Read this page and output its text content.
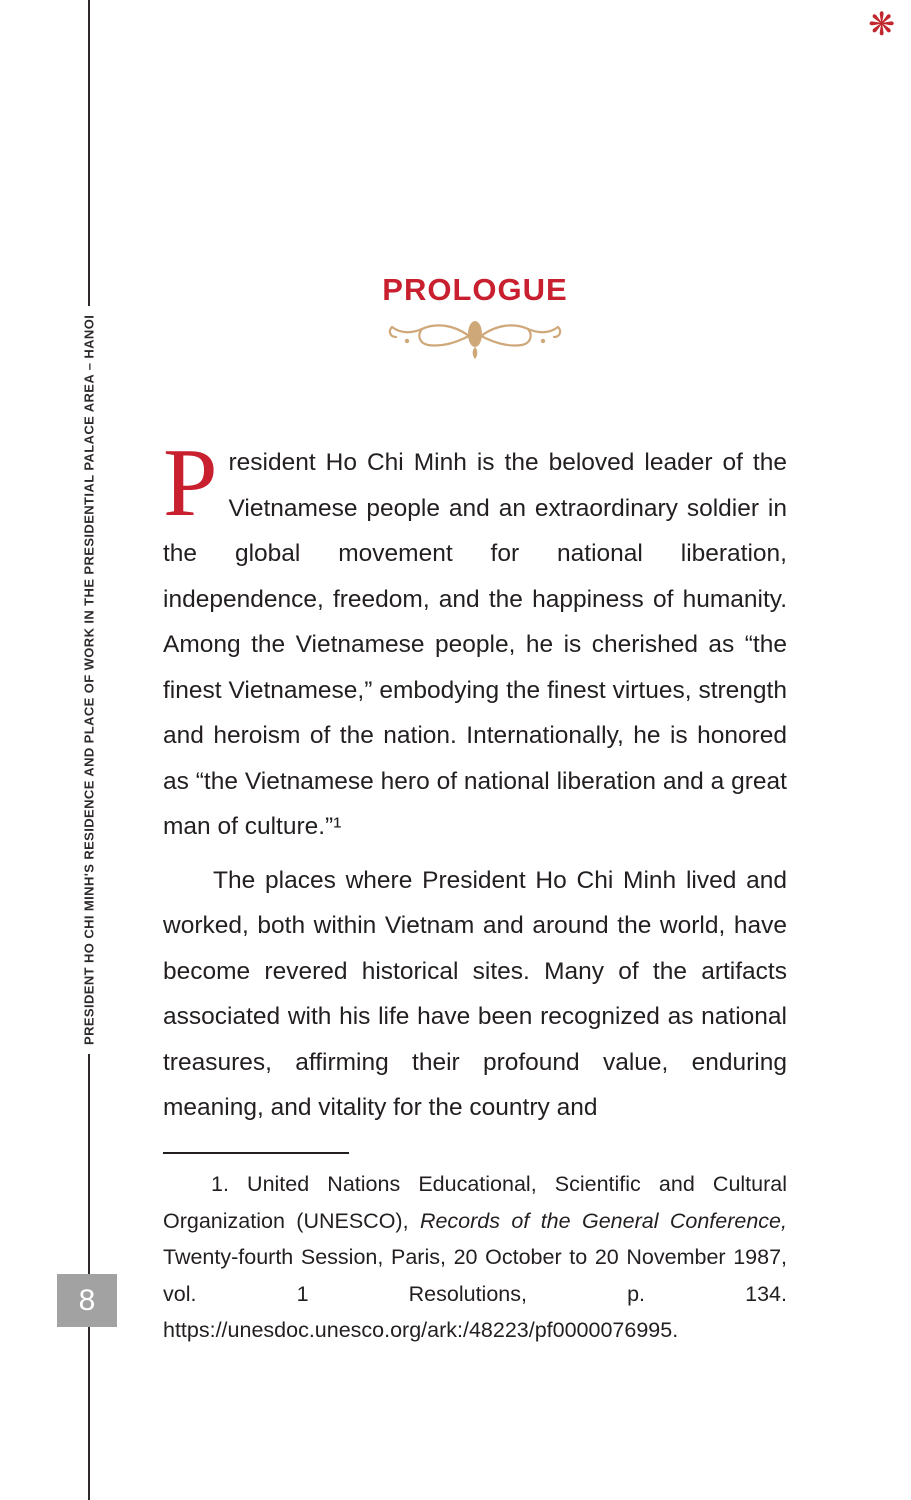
❋
PRESIDENT HO CHI MINH'S RESIDENCE AND PLACE OF WORK IN THE PRESIDENTIAL PALACE AREA – HANOI
8
PROLOGUE

President Ho Chi Minh is the beloved leader of the Vietnamese people and an extraordinary soldier in the global movement for national liberation, independence, freedom, and the happiness of humanity. Among the Vietnamese people, he is cherished as “the finest Vietnamese,” embodying the finest virtues, strength and heroism of the nation. Internationally, he is honored as “the Vietnamese hero of national liberation and a great man of culture.”¹

The places where President Ho Chi Minh lived and worked, both within Vietnam and around the world, have become revered historical sites. Many of the artifacts associated with his life have been recognized as national treasures, affirming their profound value, enduring meaning, and vitality for the country and

1. United Nations Educational, Scientific and Cultural Organization (UNESCO), Records of the General Conference, Twenty-fourth Session, Paris, 20 October to 20 November 1987, vol. 1 Resolutions, p. 134. https://unesdoc.unesco.org/ark:/48223/pf0000076995.
